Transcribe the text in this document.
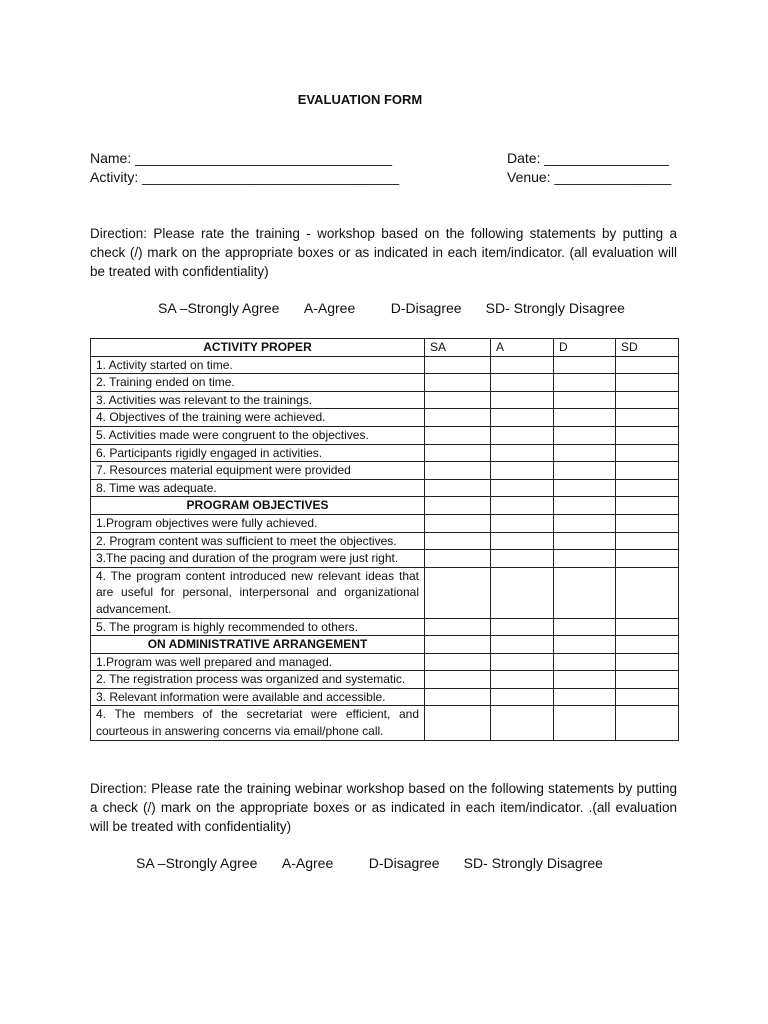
EVALUATION FORM
Name: _________________________________	Date: ________________
Activity: _________________________________	Venue: _______________
Direction: Please rate the training - workshop based on the following statements by putting a check (/) mark on the appropriate boxes or as indicated in each item/indicator. (all evaluation will be treated with confidentiality)
SA –Strongly Agree A-Agree	D-Disagree SD- Strongly Disagree
ACTIVITY PROPER	SA	A	D	SD
1. Activity started on time.				
2. Training ended on time.				
3. Activities was relevant to the trainings.				
4. Objectives of the training were achieved.				
5. Activities made were congruent to the objectives.				
6. Participants rigidly engaged in activities.				
7. Resources material equipment were provided				
8. Time was adequate.				
PROGRAM OBJECTIVES				
1.Program objectives were fully achieved.				
2. Program content was sufficient to meet the objectives.				
3.The pacing and duration of the program were just right.				
4. The program content introduced new relevant ideas that are useful for personal, interpersonal and organizational advancement.				
5. The program is highly recommended to others.				
ON ADMINISTRATIVE ARRANGEMENT				
1.Program was well prepared and managed.				
2. The registration process was organized and systematic.				
3. Relevant information were available and accessible.				
4. The members of the secretariat were efficient, and courteous in answering concerns via email/phone call.				
Direction: Please rate the training webinar workshop based on the following statements by putting a check (/) mark on the appropriate boxes or as indicated in each item/indicator. .(all evaluation will be treated with confidentiality)
SA –Strongly Agree A-Agree	D-Disagree SD- Strongly Disagree
